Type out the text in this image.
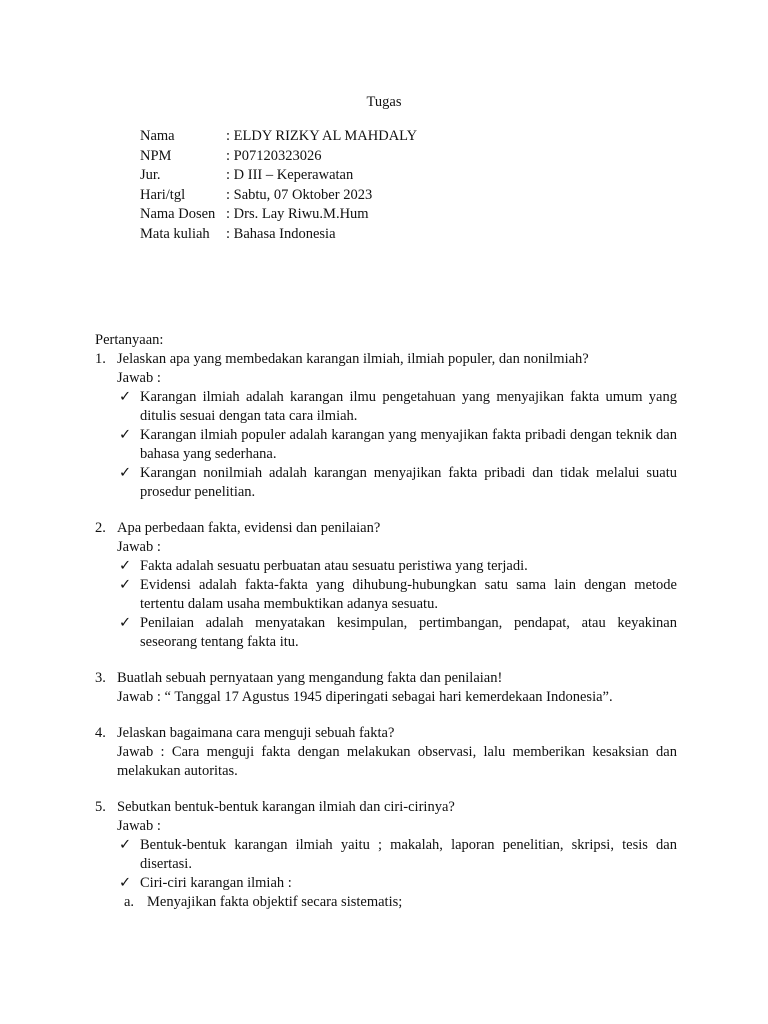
Tugas
Nama	: ELDY RIZKY AL MAHDALY
NPM	: P07120323026
Jur.	: D III – Keperawatan
Hari/tgl	: Sabtu, 07 Oktober 2023
Nama Dosen	: Drs. Lay Riwu.M.Hum
Mata kuliah	: Bahasa Indonesia
Pertanyaan:
1. Jelaskan apa yang membedakan karangan ilmiah, ilmiah populer, dan nonilmiah?
Jawab :
✓ Karangan ilmiah adalah karangan ilmu pengetahuan yang menyajikan fakta umum yang ditulis sesuai dengan tata cara ilmiah.
✓ Karangan ilmiah populer adalah karangan yang menyajikan fakta pribadi dengan teknik dan bahasa yang sederhana.
✓ Karangan nonilmiah adalah karangan menyajikan fakta pribadi dan tidak melalui suatu prosedur penelitian.
2. Apa perbedaan fakta, evidensi dan penilaian?
Jawab :
✓ Fakta adalah sesuatu perbuatan atau sesuatu peristiwa yang terjadi.
✓ Evidensi adalah fakta-fakta yang dihubung-hubungkan satu sama lain dengan metode tertentu dalam usaha membuktikan adanya sesuatu.
✓ Penilaian adalah menyatakan kesimpulan, pertimbangan, pendapat, atau keyakinan seseorang tentang fakta itu.
3. Buatlah sebuah pernyataan yang mengandung fakta dan penilaian!
Jawab : “ Tanggal 17 Agustus 1945 diperingati sebagai hari kemerdekaan Indonesia”.
4. Jelaskan bagaimana cara menguji sebuah fakta?
Jawab : Cara menguji fakta dengan melakukan observasi, lalu memberikan kesaksian dan melakukan autoritas.
5. Sebutkan bentuk-bentuk karangan ilmiah dan ciri-cirinya?
Jawab :
✓ Bentuk-bentuk karangan ilmiah yaitu ; makalah, laporan penelitian, skripsi, tesis dan disertasi.
✓ Ciri-ciri karangan ilmiah :
a. Menyajikan fakta objektif secara sistematis;
